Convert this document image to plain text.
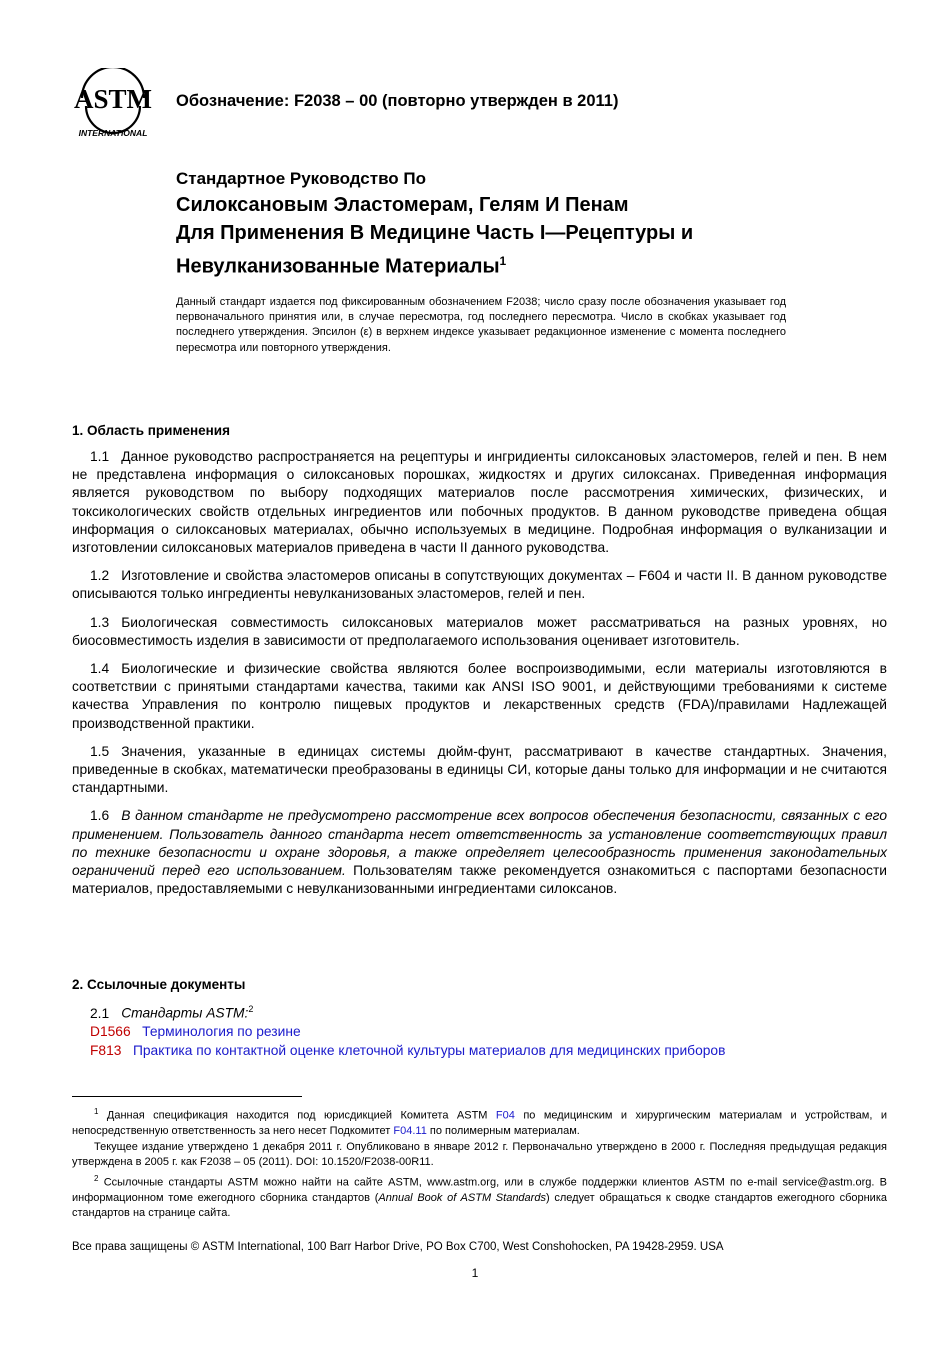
ASTM
INTERNATIONAL
Обозначение: F2038 – 00 (повторно утвержден в 2011)
Стандартное Руководство По
Силоксановым Эластомерам, Гелям И Пенам
Для Применения В Медицине Часть I—Рецептуры и
Невулканизованные Материалы$^1$
Данный стандарт издается под фиксированным обозначением F2038; число сразу после обозначения указывает год первоначального принятия или, в случае пересмотра, год последнего пересмотра. Число в скобках указывает год последнего утверждения. Эпсилон (ε) в верхнем индексе указывает редакционное изменение с момента последнего пересмотра или повторного утверждения.
1. Область применения

1.1 Данное руководство распространяется на рецептуры и ингридиенты силоксановых эластомеров, гелей и пен. В нем не представлена информация о силоксановых порошках, жидкостях и других силоксанах. Приведенная информация является руководством по выбору подходящих материалов после рассмотрения химических, физических, и токсикологических свойств отдельных ингредиентов или побочных продуктов. В данном руководстве приведена общая информация о силоксановых материалах, обычно используемых в медицине. Подробная информация о вулканизации и изготовлении силоксановых материалов приведена в части II данного руководства.

1.2 Изготовление и свойства эластомеров описаны в сопутствующих документах – F604 и части II. В данном руководстве описываются только ингредиенты невулканизованых эластомеров, гелей и пен.

1.3 Биологическая совместимость силоксановых материалов может рассматриваться на разных уровнях, но биосовместимость изделия в зависимости от предполагаемого использования оценивает изготовитель.

1.4 Биологические и физические свойства являются более воспроизводимыми, если материалы изготовляются в соответствии с принятыми стандартами качества, такими как ANSI ISO 9001, и действующими требованиями к системе качества Управления по контролю пищевых продуктов и лекарственных средств (FDA)/правилами Надлежащей производственной практики.

1.5 Значения, указанные в единицах системы дюйм-фунт, рассматривают в качестве стандартных. Значения, приведенные в скобках, математически преобразованы в единицы СИ, которые даны только для информации и не считаются стандартными.

1.6 В данном стандарте не предусмотрено рассмотрение всех вопросов обеспечения безопасности, связанных с его применением. Пользователь данного стандарта несет ответственность за установление соответствующих правил по технике безопасности и охране здоровья, а также определяет целесообразность применения законодательных ограничений перед его использованием. Пользователям также рекомендуется ознакомиться с паспортами безопасности материалов, предоставляемыми с невулканизованными ингредиентами силоксанов.

2. Ссылочные документы
2.1 Стандарты ASTM:$^2$
D1566 Терминология по резине
F813 Практика по контактной оценке клеточной культуры материалов для медицинских приборов

$^1$ Данная спецификация находится под юрисдикцией Комитета ASTM F04 по медицинским и хирургическим материалам и устройствам, и непосредственную ответственность за него несет Подкомитет F04.11 по полимерным материалам.

Текущее издание утверждено 1 декабря 2011 г. Опубликовано в январе 2012 г. Первоначально утверждено в 2000 г. Последняя предыдущая редакция утверждена в 2005 г. как F2038 – 05 (2011). DOI: 10.1520/F2038-00R11.

$^2$ Ссылочные стандарты ASTM можно найти на сайте ASTM, www.astm.org, или в службе поддержки клиентов ASTM по e-mail service@astm.org. В информационном томе ежегодного сборника стандартов (Annual Book of ASTM Standards) следует обращаться к сводке стандартов ежегодного сборника стандартов на странице сайта.

Все права защищены © ASTM International, 100 Barr Harbor Drive, PO Box C700, West Conshohocken, PA 19428-2959. USA
1
